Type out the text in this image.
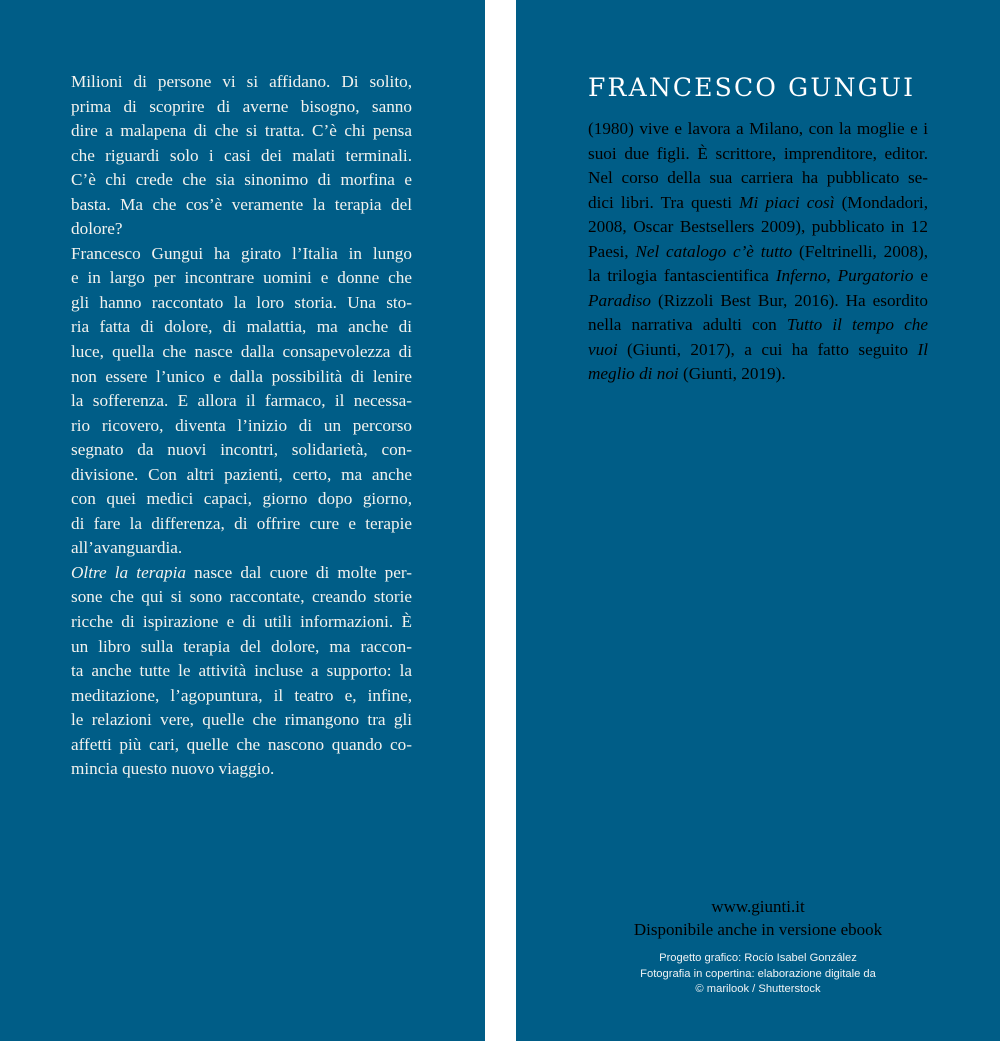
Milioni di persone vi si affidano. Di solito,
prima di scoprire di averne bisogno, sanno
dire a malapena di che si tratta. C’è chi pensa
che riguardi solo i casi dei malati terminali.
C’è chi crede che sia sinonimo di morfina e
basta. Ma che cos’è veramente la terapia del
dolore?
Francesco Gungui ha girato l’Italia in lungo
e in largo per incontrare uomini e donne che
gli hanno raccontato la loro storia. Una sto-
ria fatta di dolore, di malattia, ma anche di
luce, quella che nasce dalla consapevolezza di
non essere l’unico e dalla possibilità di lenire
la sofferenza. E allora il farmaco, il necessa-
rio ricovero, diventa l’inizio di un percorso
segnato da nuovi incontri, solidarietà, con-
divisione. Con altri pazienti, certo, ma anche
con quei medici capaci, giorno dopo giorno,
di fare la differenza, di offrire cure e terapie
all’avanguardia.
Oltre la terapia nasce dal cuore di molte per-
sone che qui si sono raccontate, creando storie
ricche di ispirazione e di utili informazioni. È
un libro sulla terapia del dolore, ma raccon-
ta anche tutte le attività incluse a supporto: la
meditazione, l’agopuntura, il teatro e, infine,
le relazioni vere, quelle che rimangono tra gli
affetti più cari, quelle che nascono quando co-
mincia questo nuovo viaggio.
FRANCESCO GUNGUI
(1980) vive e lavora a Milano, con la moglie e i
suoi due figli. È scrittore, imprenditore, editor.
Nel corso della sua carriera ha pubblicato se-
dici libri. Tra questi Mi piaci così (Mondadori,
2008, Oscar Bestsellers 2009), pubblicato in 12
Paesi, Nel catalogo c’è tutto (Feltrinelli, 2008),
la trilogia fantascientifica Inferno, Purgatorio e
Paradiso (Rizzoli Best Bur, 2016). Ha esordito
nella narrativa adulti con Tutto il tempo che
vuoi (Giunti, 2017), a cui ha fatto seguito Il
meglio di noi (Giunti, 2019).
www.giunti.it
Disponibile anche in versione ebook
Progetto grafico: Rocío Isabel González
Fotografia in copertina: elaborazione digitale da
© marilook / Shutterstock
